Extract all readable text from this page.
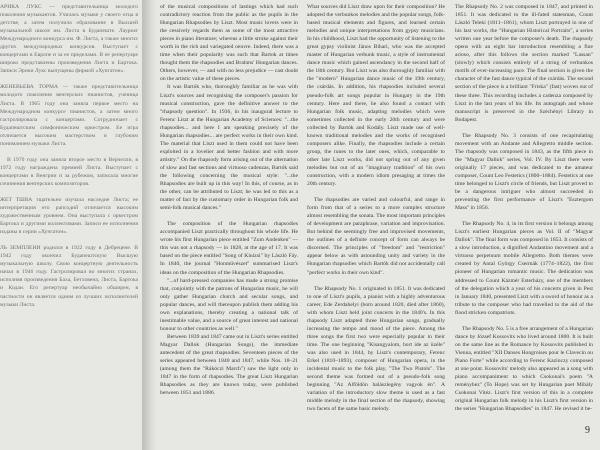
АРИКА ЛУКС — представительница молодого поколения музыкантов. Училась музыке у своего отца в детстве, а затем получила образование в Высшей музыкальной школе им. Листа в Будапеште. Лауреат Международного конкурса им. Ф. Листа, а также многих других международных конкурсов. Выступает с концертами в Европе и за ее пределами. В ее репертуаре широко представлены произведения Листа и Бартока. Записи Эрики Лукс выпущены фирмой «Хунгатон».

ЖЕНЕВЬЕВА ТОРМА — также представительница молодого поколения венгерских пианистов, ученица Листа. В 1965 году она заняла первое место на Международном конкурсе пианистов, а затем много гастролировала с концертами. Сотрудничает с Будапештским симфоническим оркестром. Ее игра отличается высоким мастерством и глубоким пониманием музыки Листа.

В 1970 году она заняла второе место в Верчелли, в 1972 году награждена премией Листа. Выступает с концертами в Венгрии и за рубежом, записала многие сочинения венгерских композиторов.

ЖЕТ ТШВА тщательно изучала наследие Листа; ее интерпретация его рапсодий отличается высоким художественным уровнем. Она выступала с оркестром Бартока и другими коллективами. Записи ее исполнения изданы в серии «Хунгатон».

ЛЬ ЗЕМПЛЕНИ родился в 1922 году в Дебрецене. В 1942 году окончил Будапештскую Высшую музыкальную школу. Свою концертную деятельность начал в 1946 году. Гастролировал во многих странах, исполняя произведения Баха, Бетховена, Листа, Бартока и Кодаи. Его репертуар необычайно обширен, в частности он является одним из лучших исполнителей музыки Листа.

of the musical compositions of lastings which had such contradictory reaction from the public as the pupils in the Hungarian Rhapsodies by Liszt. Most music lovers were in the cessively regards them as some of the most attractive pieces in piano literature; whereas a little stroke against their worth in the rich and variegated oeuvre. Indeed, there was a time when their popularity was such that Bartok at times thought them the rhapsodies and Brahms' Hungarian dances. Others, however, — and with no less prejudice — cast doubt on the artistic value of these pieces.

It was Bartók who, thoroughly familiar as he was with Liszt's sources and recognising the composer's passion for musical construction, gave the definitive answer to the "rhapsody question". In 1936, in his inaugural lecture to Ferenc Liszt at the Hungarian Academy of Sciences: "...the rhapsodies... and here I am speaking precisely of the Hungarian rhapsodies... are perfect works in their own kind. The material that Liszt used in them could not have been exploited in a lovelier and better fashion and with more artistry." On the rhapsody form arising out of the alternation of slow and fast sections and virtuoso cadenzas, Bartók said the following concerning the musical style: "...the Rhapsodies are built up in this way! In this, of course, as in the other, can be attributed to Liszt; he was led to this as a matter of fact by the customary order in Hungarian folk and semi-folk musical dances."

The composition of the Hungarian rhapsodies accompanied Liszt practically throughout his whole life. He wrote his first Hungarian piece entitled "Zum Andenken" — this was not a rhapsody — in 1828, at the age of 17. It was based on the piece entitled "Song of Kinizsi" by László Fáy. In 1840, the journal "Honmüvészet" summarised Liszt's ideas on the composition of the Hungarian Rhapsodies.

"...of hard-pressed companies has made a strong promise that, conjointly with the patrons of Hungarian music, he will only gather Hungarian church and secular songs, and popular dances, and will thereupon publish them adding his own explanations, thereby creating a national talk of inestimable value, and a source of great interest and national honour to other countries as well."

Between 1839 and 1847 came out in Liszt's series entitled Magyar Dallok (Hungarian Songs), the immediate antecedent of the great rhapsodies. Seventeen pieces of the series appeared between 1840 and 1847, while Nos. 18–21 (among them the "Rákóczi March") saw the light only in 1847 in the form of rhapsodies. The great Liszt Hungarian Rhapsodies as they are known today, were published between 1851 and 1886.

What sources did Liszt draw upon for their composition? He adopted the verbunkos melodies and the popular songs, folk-based musical elements and figures, and learned certain melodies and unique interpretations from gypsy musicians. In his childhood, Liszt had the opportunity of listening to the great gypsy violinist János Bihari, who was the accepted master of Hungarian verbunk music, a style of instrumental dance music which gained ascendancy in the second half of the 18th century. But Liszt was also thoroughly familiar with the "modern" Hungarian dance music of the 19th century, the csárdás. In addition, his rhapsodies included several pseudo-folk art songs popular in Hungary in the 19th century. Here and there, he also found a contact with Hungarian folk music, adapting melodies which were sometimes collected in the early 20th century and were collected by Bartók and Kodály. Liszt made use of well-known traditional melodies and the works of recognised composers alike. Finally, the rhapsodies include a certain group, the tunes to the later ones, which, comparable to other late Liszt works, did not spring out of any given melodies but out of an "imaginary tradition" of his own construction, with a modern idiom presaging at times the 20th century.

The rhapsodies are varied and colourful, and range in form from that of a series to a more complex structure almost resembling the sonata. The most important principles of development are paraphrase, variation and improvisation. But behind the seemingly free and improvised movements, the outlines of a definite concept of form can always be discerned. The principles of "freedom" and "restriction" appear below as with astounding unity and variety in the Hungarian rhapsodies which Bartók did not accidentally call "perfect works in their own kind".

The Rhapsody No. 1 originated in 1851. It was dedicated to one of Liszt's pupils, a pianist with a highly adventurous career, Ede Zerdahelyi (born around 1820, died after 1860), with whom Liszt held joint concerts in the 1840's. In this rhapsody Liszt adapted three Hungarian songs, gradually increasing the tempo and mood of the piece. Among the three songs the first two were especially popular in their time. The one beginning "Kisangyalom, bort ide az üzéle" was also used in 1844, by Liszt's contemporary, Ferenc Erkel (1810–1893), composer of Hungarian opera, in the incidental music to the folk play, "The Two Pistols". The second theme was formed out of a pseudo-folk song beginning "Az Alföldön halászlegény vagyok én". A variation of the introductory slow theme is used as a fast middle melody in the final section of the rhapsody, showing two facets of the same basic melody.

The Rhapsody No. 2 was composed in 1847, and printed in 1851. It was dedicated to the ill-fated statesman, Count László Teleki (1811–1861), whom Liszt portrayed in one of his last works, the "Hungarian Historical Portraits", a series written one year before the composer's death. The rhapsody opens with an eight bar introduction resembling a fine arioso, after this follows the section marked "Lassan" (slowly) which consists entirely of a string of verbunkos motifs of ever-increasing pace. The final section is given the character of the fast dance typical of the csárdás. The second section of the piece is a brilliant "Friska" (fast) woven out of these three. This recording includes a cadenza composed by Liszt in the last years of his life. Its autograph and whose manuscript is preserved in the Széchényi Library in Budapest.

The Rhapsody No. 3 consists of one recapitulating movement with an Andante and Allegretto middle section. The rhapsody was composed in 1843, as the fifth piece in the "Magyar Dallok" series, Vol. IV. By Liszt there were originally 17 pieces, and was dedicated to the amateur composer, Count Leo Festetics (1800–1884). Festetics at one time belonged to Liszt's circle of friends, but Liszt proved to be a dangerous intriguer who almost succeeded in preventing the first performance of Liszt's "Esztergom Mass" in 1856.

The Rhapsody No. 4, in its first version it belongs among Liszt's earliest Hungarian pieces as Vol. II of "Magyar Dallok". The final form was composed in 1853. It consists of a slow introduction, a dignified Andantino movement and a virtuoso perpetuum mobile Allegretto. Both themes were created by Antal György Csermák (1774–1822), the first pioneer of Hungarian romantic music. The dedication was addressed to Count Kázmér Esterházy, one of the members of the delegation which a year of his concerts given in Pest in January 1840, presented Liszt with a sword of honour as a tribute to the composer who had travelled to the aid of the flood stricken compatriots.

The Rhapsody No. 5 is a free arrangement of a Hungarian dance by József Kossovits who lived around 1800. It is built on the same line as the Romance by Kossovits published in Vienna, entitled "XII Danses Hongroises pour le Clavecin ou Piano Forte" while according to Ferenc Kazinczy composed at one point. Kossovits' melody also appeared as a song with piano accompaniment to which Csokonai's poem "A reményhez" (To Hope) was set by Hungarian poet Mihály Csokonai Vitéz. Liszt's first version of this in a complete original Hungarian folk melody in his Liszt's first version in the series "Hungarian Rhapsodies" in 1847. He revised it be-

9
